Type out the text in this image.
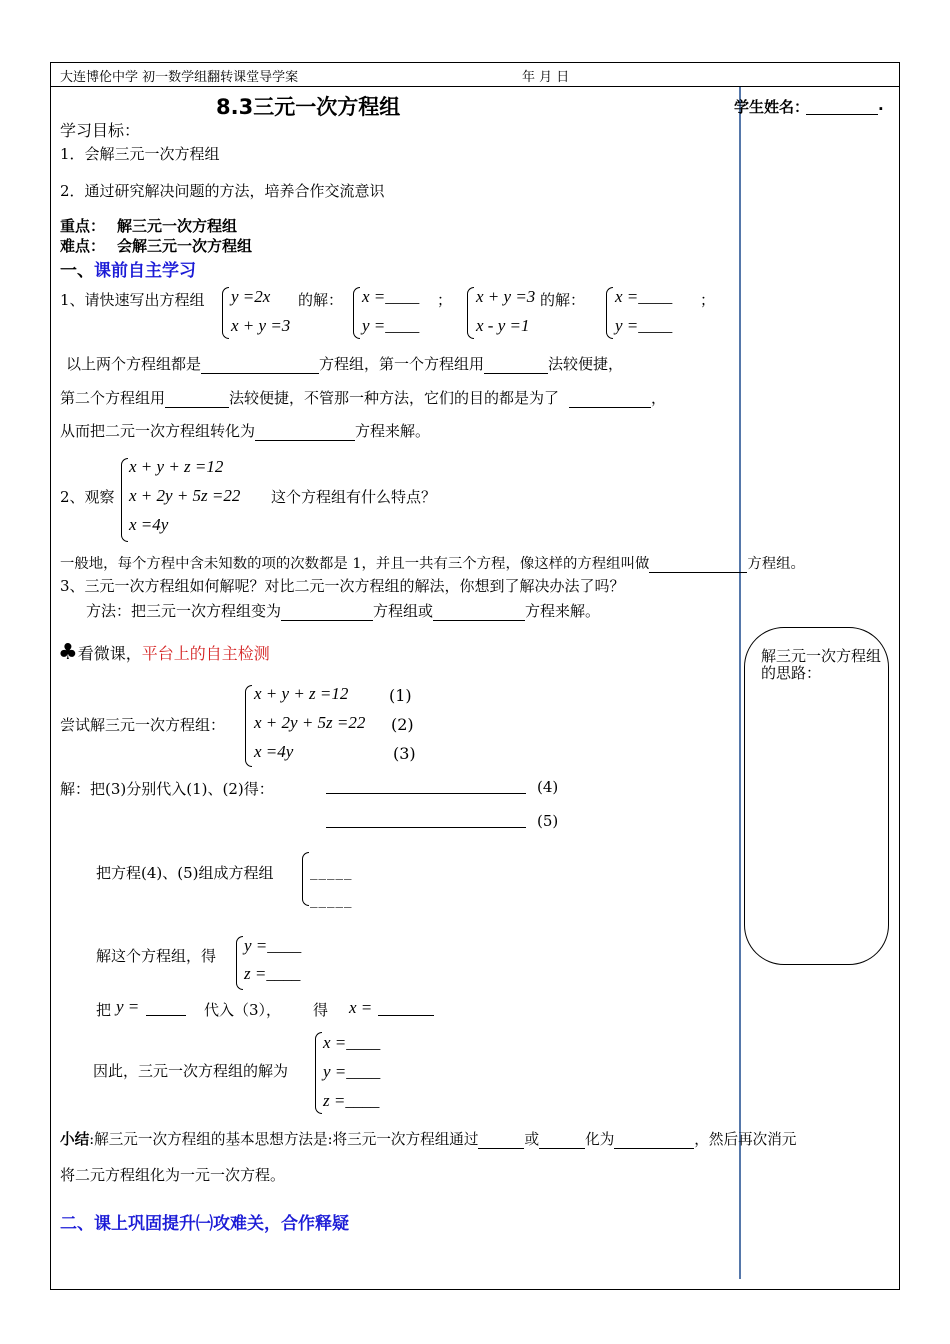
大连博伦中学 初一数学组翻转课堂导学案	年 月 日
8.3三元一次方程组	学生姓名：	.
学习目标：
1．会解三元一次方程组
2．通过研究解决问题的方法，培养合作交流意识
重点： 解三元一次方程组
难点： 会解三元一次方程组
一、课前自主学习
1、请快速写出方程组 y =2x
x + y =3
的解： x =____
y =____
； x + y =3
x - y =1
的解： x =____
y =____
；
以上两个方程组都是	方程组，第一个方程组用	法较便捷，
第二个方程组用	法较便捷，不管那一种方法，它们的目的都是为了	，
从而把二元一次方程组转化为	方程来解。
2、观察
x + y + z =12
x + 2y + 5z =22
x =4y
这个方程组有什么特点？
一般地，每个方程中含未知数的项的次数都是 1，并且一共有三个方程，像这样的方程组叫做	方程组。
3、三元一次方程组如何解呢？对比二元一次方程组的解法，你想到了解决办法了吗？
方法：把三元一次方程组变为	方程组或	方程来解。
♣看微课，平台上的自主检测	解三元一次方程组的思路：
尝试解三元一次方程组：
x + y + z =12
x + 2y + 5z =22
x =4y
(1)
(2)
(3)
解：把(3)分别代入(1)、(2)得：	(4)
(5)
把方程(4)、(5)组成方程组 _____
_____
解这个方程组，得
y =____
z =____
把 y =	代入（3）， 得 x =
因此，三元一次方程组的解为
x =____
y =____
z =____
小结:解三元一次方程组的基本思想方法是:将三元一次方程组通过	或	化为	，然后再次消元
将二元方程组化为一元一次方程。
二、课上巩固提升㈠攻难关，合作释疑
